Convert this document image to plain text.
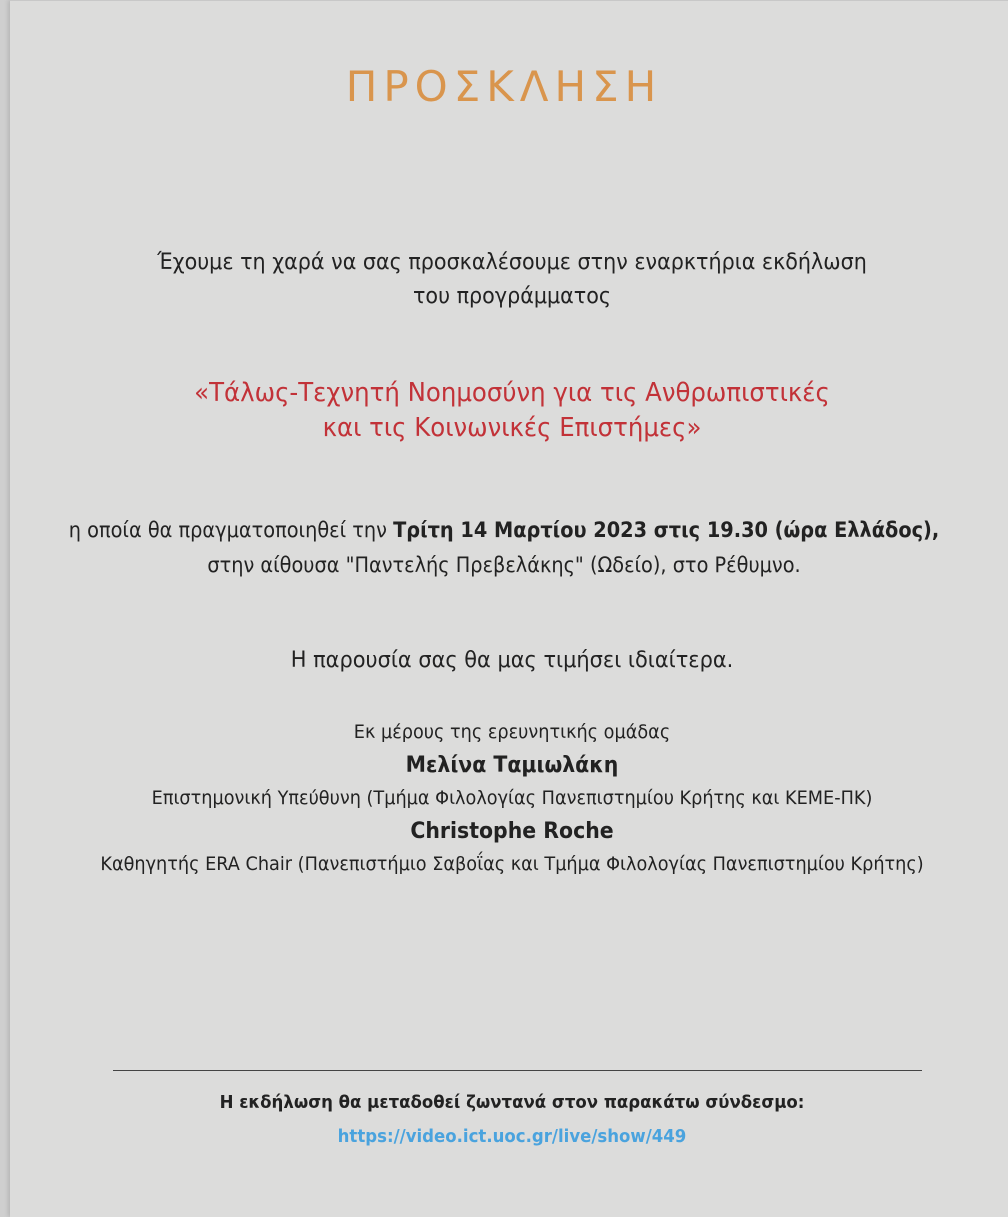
ΠΡΟΣΚΛΗΣΗ
Έχουμε τη χαρά να σας προσκαλέσουμε στην εναρκτήρια εκδήλωση
του προγράμματος
«Τάλως-Τεχνητή Νοημοσύνη για τις Ανθρωπιστικές
και τις Κοινωνικές Επιστήμες»
η οποία θα πραγματοποιηθεί την Τρίτη 14 Μαρτίου 2023 στις 19.30 (ώρα Ελλάδος),
στην αίθουσα "Παντελής Πρεβελάκης" (Ωδείο), στο Ρέθυμνο.
Η παρουσία σας θα μας τιμήσει ιδιαίτερα.
Εκ μέρους της ερευνητικής ομάδας
Μελίνα Ταμιωλάκη
Επιστημονική Υπεύθυνη (Τμήμα Φιλολογίας Πανεπιστημίου Κρήτης και ΚΕΜΕ-ΠΚ)
Christophe Roche
Καθηγητής ERA Chair (Πανεπιστήμιο Σαβοΐας και Τμήμα Φιλολογίας Πανεπιστημίου Κρήτης)
Η εκδήλωση θα μεταδοθεί ζωντανά στον παρακάτω σύνδεσμο:
https://video.ict.uoc.gr/live/show/449
